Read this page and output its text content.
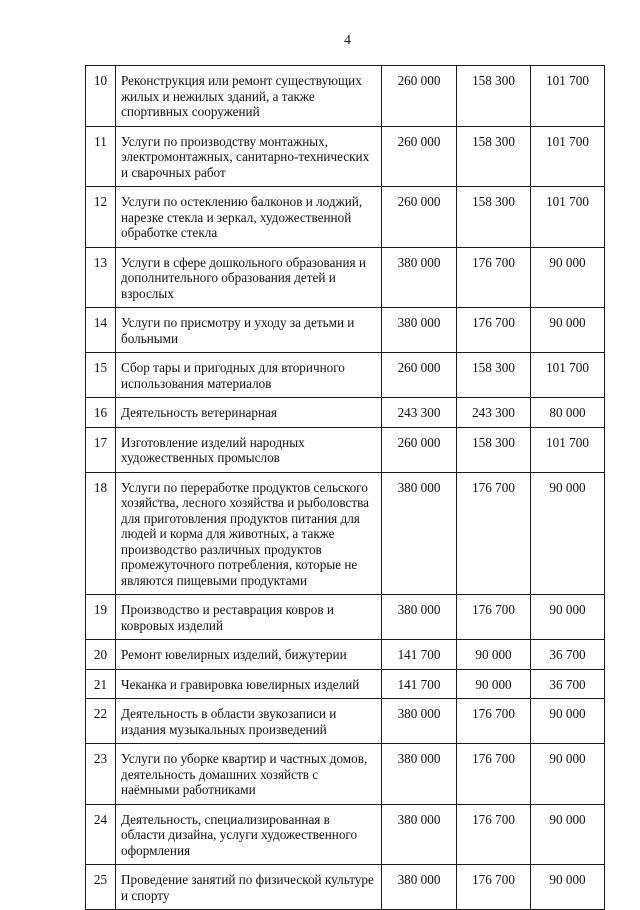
4
10	Реконструкция или ремонт существующих жилых и нежилых зданий, а также спортивных сооружений	260 000	158 300	101 700
11	Услуги по производству монтажных, электромонтажных, санитарно-технических и сварочных работ	260 000	158 300	101 700
12	Услуги по остеклению балконов и лоджий, нарезке стекла и зеркал, художественной обработке стекла	260 000	158 300	101 700
13	Услуги в сфере дошкольного образования и дополнительного образования детей и взрослых	380 000	176 700	90 000
14	Услуги по присмотру и уходу за детьми и больными	380 000	176 700	90 000
15	Сбор тары и пригодных для вторичного использования материалов	260 000	158 300	101 700
16	Деятельность ветеринарная	243 300	243 300	80 000
17	Изготовление изделий народных художественных промыслов	260 000	158 300	101 700
18	Услуги по переработке продуктов сельского хозяйства, лесного хозяйства и рыболовства для приготовления продуктов питания для людей и корма для животных, а также производство различных продуктов промежуточного потребления, которые не являются пищевыми продуктами	380 000	176 700	90 000
19	Производство и реставрация ковров и ковровых изделий	380 000	176 700	90 000
20	Ремонт ювелирных изделий, бижутерии	141 700	90 000	36 700
21	Чеканка и гравировка ювелирных изделий	141 700	90 000	36 700
22	Деятельность в области звукозаписи и издания музыкальных произведений	380 000	176 700	90 000
23	Услуги по уборке квартир и частных домов, деятельность домашних хозяйств с наёмными работниками	380 000	176 700	90 000
24	Деятельность, специализированная в области дизайна, услуги художественного оформления	380 000	176 700	90 000
25	Проведение занятий по физической культуре и спорту	380 000	176 700	90 000
